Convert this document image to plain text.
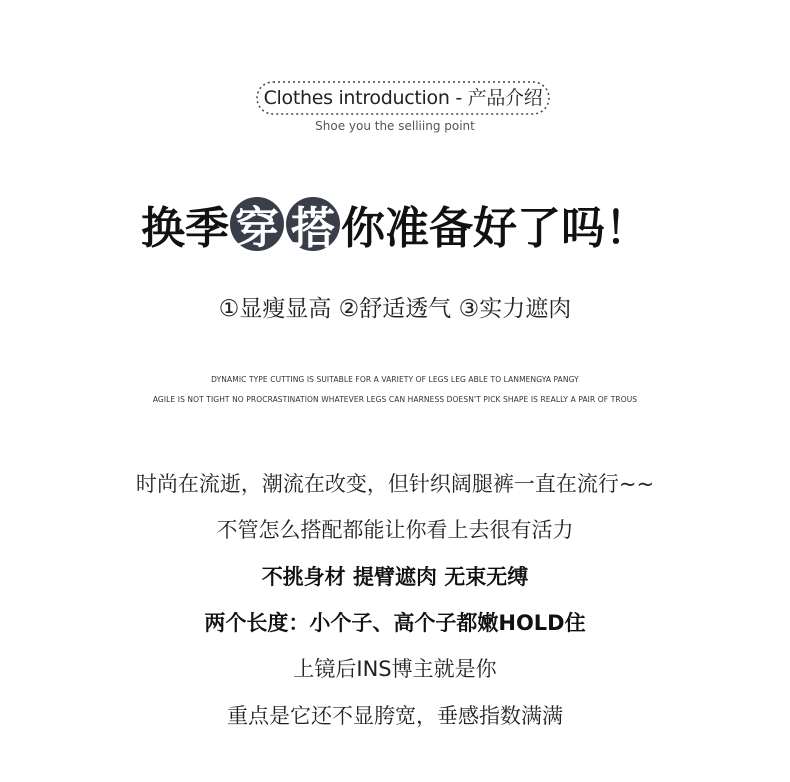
Clothes introduction - 产品介绍
Shoe you the selliing point
换季 穿 搭 你准备好了吗！
①显瘦显高 ②舒适透气 ③实力遮肉
DYNAMIC TYPE CUTTING IS SUITABLE FOR A VARIETY OF LEGS LEG ABLE TO LANMENGYA PANGY
AGILE IS NOT TIGHT NO PROCRASTINATION WHATEVER LEGS CAN HARNESS DOESN'T PICK SHAPE IS REALLY A PAIR OF TROUS
时尚在流逝，潮流在改变，但针织阔腿裤一直在流行~~
不管怎么搭配都能让你看上去很有活力
不挑身材 提臂遮肉 无束无缚
两个长度：小个子、高个子都嫩HOLD住
上镜后INS博主就是你
重点是它还不显胯宽，垂感指数满满
